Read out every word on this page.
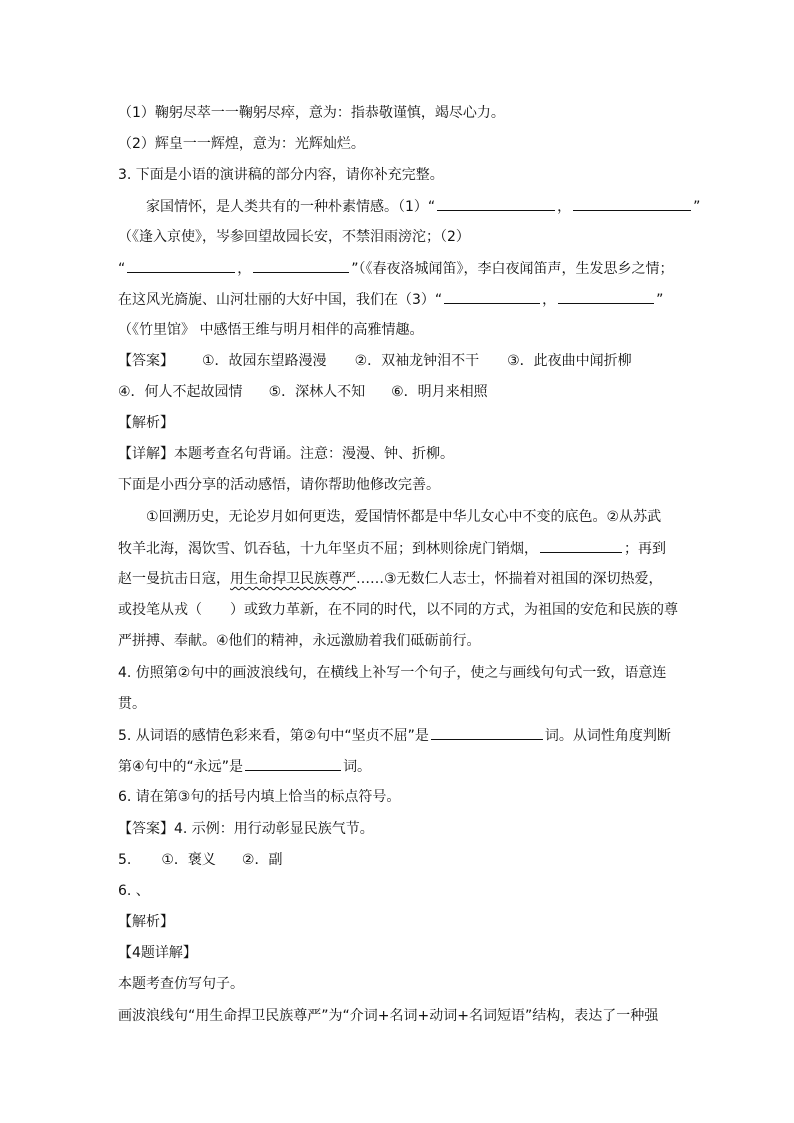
（1）鞠躬尽萃一一鞠躬尽瘁，意为：指恭敬谨慎，竭尽心力。
（2）辉皇一一辉煌，意为：光辉灿烂。
3. 下面是小语的演讲稿的部分内容，请你补充完整。
家国情怀，是人类共有的一种朴素情感。（1）“	，	”
（《逢入京使》，岑参回望故园长安，不禁泪雨滂沱；（2）
“	，	”（《春夜洛城闻笛》，李白夜闻笛声，生发思乡之情；
在这风光旖旎、山河壮丽的大好中国，我们在（3）“	，	”
（《竹里馆》 中感悟王维与明月相伴的高雅情趣。
【答案】 ①．故园东望路漫漫 ②．双袖龙钟泪不干 ③．此夜曲中闻折柳
④．何人不起故园情 ⑤．深林人不知 ⑥．明月来相照
【解析】
【详解】本题考查名句背诵。注意：漫漫、钟、折柳。
下面是小西分享的活动感悟，请你帮助他修改完善。
①回溯历史，无论岁月如何更迭，爱国情怀都是中华儿女心中不变的底色。②从苏武
牧羊北海，渴饮雪、饥吞毡，十九年坚贞不屈；到林则徐虎门销烟，	；再到
赵一曼抗击日寇，用生命捍卫民族尊严……③无数仁人志士，怀揣着对祖国的深切热爱，
或投笔从戎（　　）或致力革新，在不同的时代，以不同的方式，为祖国的安危和民族的尊
严拼搏、奉献。④他们的精神，永远激励着我们砥砺前行。
4. 仿照第②句中的画波浪线句，在横线上补写一个句子，使之与画线句句式一致，语意连
贯。
5. 从词语的感情色彩来看，第②句中“坚贞不屈”是	词。从词性角度判断
第④句中的“永远”是	词。
6. 请在第③句的括号内填上恰当的标点符号。
【答案】4. 示例：用行动彰显民族气节。
5. ①．褒义 ②．副
6. 、
【解析】
【4题详解】
本题考查仿写句子。
画波浪线句“用生命捍卫民族尊严”为“介词+名词+动词+名词短语”结构，表达了一种强
